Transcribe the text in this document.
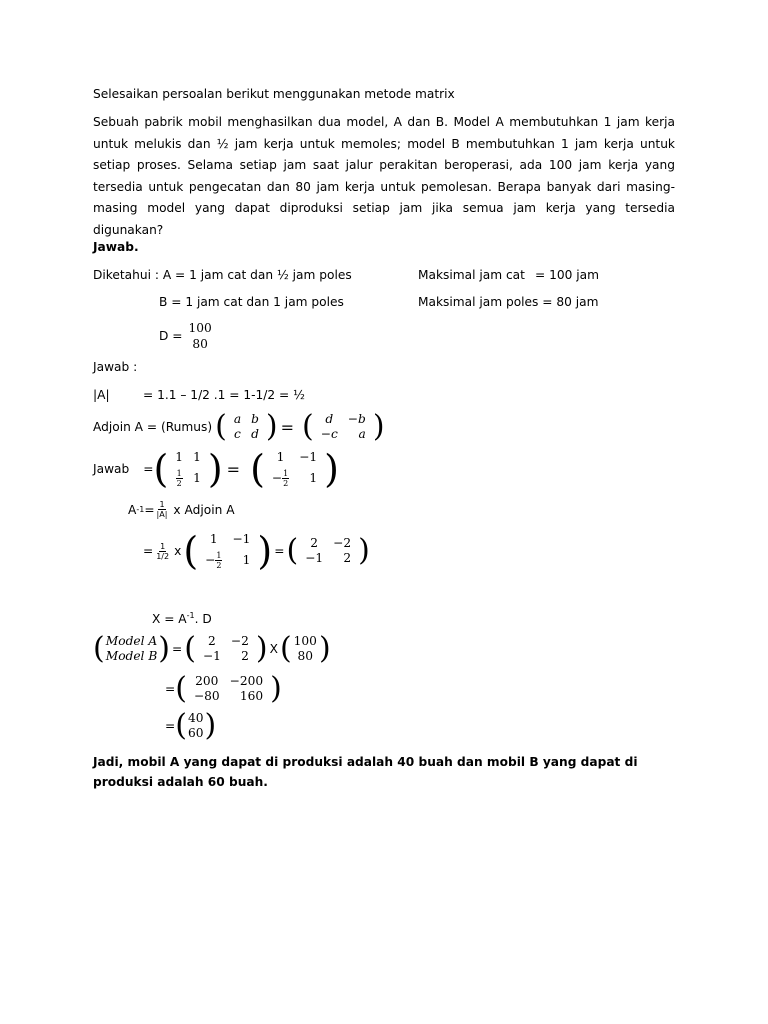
Selesaikan persoalan berikut menggunakan metode matrix
Sebuah pabrik mobil menghasilkan dua model, A dan B. Model A membutuhkan 1 jam kerja untuk melukis dan ½ jam kerja untuk memoles; model B membutuhkan 1 jam kerja untuk setiap proses. Selama setiap jam saat jalur perakitan beroperasi, ada 100 jam kerja yang tersedia untuk pengecatan dan 80 jam kerja untuk pemolesan. Berapa banyak dari masing-masing model yang dapat diproduksi setiap jam jika semua jam kerja yang tersedia digunakan?
Jawab.
Diketahui : A = 1 jam cat dan ½ jam poles	Maksimal jam cat = 100 jam
B = 1 jam cat dan 1 jam poles	Maksimal jam poles = 80 jam
D =
100
80
Jawab :
|A|	= 1.1 – 1/2 .1 = 1-1/2 = ½
Adjoin A = (Rumus) ( a b
c d ) = ( d	−b
−c	a )
Jawab = ( 1 1
$\frac{1}{2} 1$ ) = ( 1	−1
− $\frac{1}{2}$	1 )
A $-1 = \frac{1}{|A|}$ x Adjoin A
= $\frac{1}{1/2}$ x ( 1	−1
− $\frac{1}{2}$	1 ) = ( 2	−2
−1	2 )
$X = A^{-1}$. D
( Model A
Model B ) = ( 2	−2
−1	2 ) X ( 100
80 )
= ( 200 −200
−80	160 )
= ( 40
60 )
Jadi, mobil A yang dapat di produksi adalah 40 buah dan mobil B yang dapat di produksi adalah 60 buah.
